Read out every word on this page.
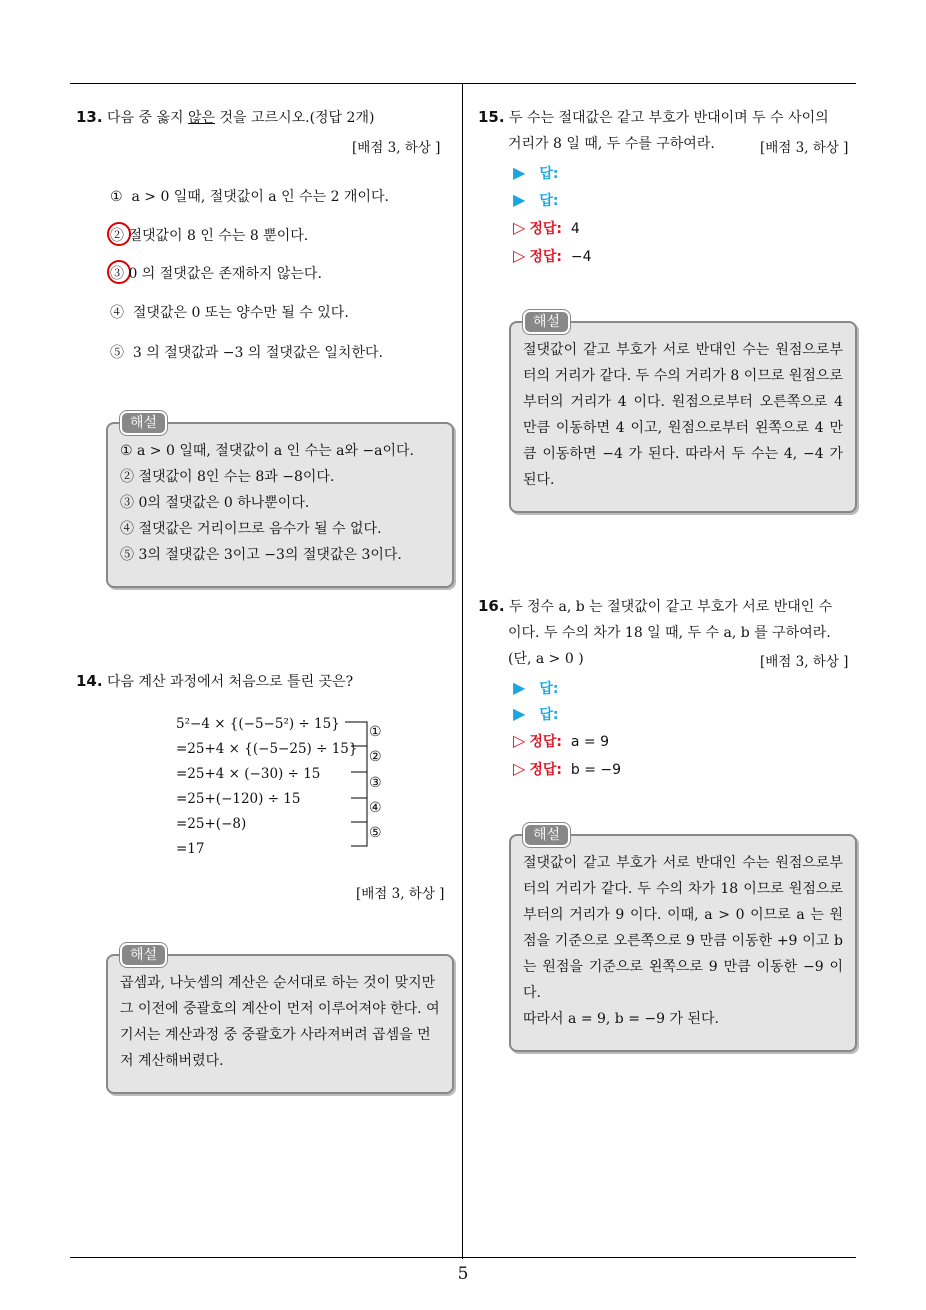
13. 다음 중 옳지 않은 것을 고르시오.(정답 2개)
[배점 3, 하상 ]
① a > 0 일때, 절댓값이 a 인 수는 2 개이다.
② 절댓값이 8 인 수는 8 뿐이다.
③ 0 의 절댓값은 존재하지 않는다.
④ 절댓값은 0 또는 양수만 될 수 있다.
⑤ 3 의 절댓값과 −3 의 절댓값은 일치한다.
해설
① a > 0 일때, 절댓값이 a 인 수는 a와 −a이다.
② 절댓값이 8인 수는 8과 −8이다.
③ 0의 절댓값은 0 하나뿐이다.
④ 절댓값은 거리이므로 음수가 될 수 없다.
⑤ 3의 절댓값은 3이고 −3의 절댓값은 3이다.
14. 다음 계산 과정에서 처음으로 틀린 곳은?
5²−4 × {(−5−5²) ÷ 15}
=25+4 × {(−5−25) ÷ 15}
=25+4 × (−30) ÷ 15
=25+(−120) ÷ 15
=25+(−8)
=17
①
②
③
④
⑤
[배점 3, 하상 ]
해설
곱셈과, 나눗셈의 계산은 순서대로 하는 것이 맞지만 그 이전에 중괄호의 계산이 먼저 이루어져야 한다. 여기서는 계산과정 중 중괄호가 사라져버려 곱셈을 먼저 계산해버렸다.
15. 두 수는 절대값은 같고 부호가 반대이며 두 수 사이의
거리가 8 일 때, 두 수를 구하여라.	[배점 3, 하상 ]
▶ 답:
▶ 답:
▷ 정답: 4
▷ 정답: −4
해설
절댓값이 같고 부호가 서로 반대인 수는 원점으로부터의 거리가 같다. 두 수의 거리가 8 이므로 원점으로부터의 거리가 4 이다. 원점으로부터 오른쪽으로 4 만큼 이동하면 4 이고, 원점으로부터 왼쪽으로 4 만큼 이동하면 −4 가 된다. 따라서 두 수는 4, −4 가 된다.
16. 두 정수 a, b 는 절댓값이 같고 부호가 서로 반대인 수
이다. 두 수의 차가 18 일 때, 두 수 a, b 를 구하여라.
(단, a > 0 )	[배점 3, 하상 ]
▶ 답:
▶ 답:
▷ 정답: a = 9
▷ 정답: b = −9
해설
절댓값이 같고 부호가 서로 반대인 수는 원점으로부터의 거리가 같다. 두 수의 차가 18 이므로 원점으로부터의 거리가 9 이다. 이때, a > 0 이므로 a 는 원점을 기준으로 오른쪽으로 9 만큼 이동한 +9 이고 b 는 원점을 기준으로 왼쪽으로 9 만큼 이동한 −9 이다.
따라서 a = 9, b = −9 가 된다.
5
